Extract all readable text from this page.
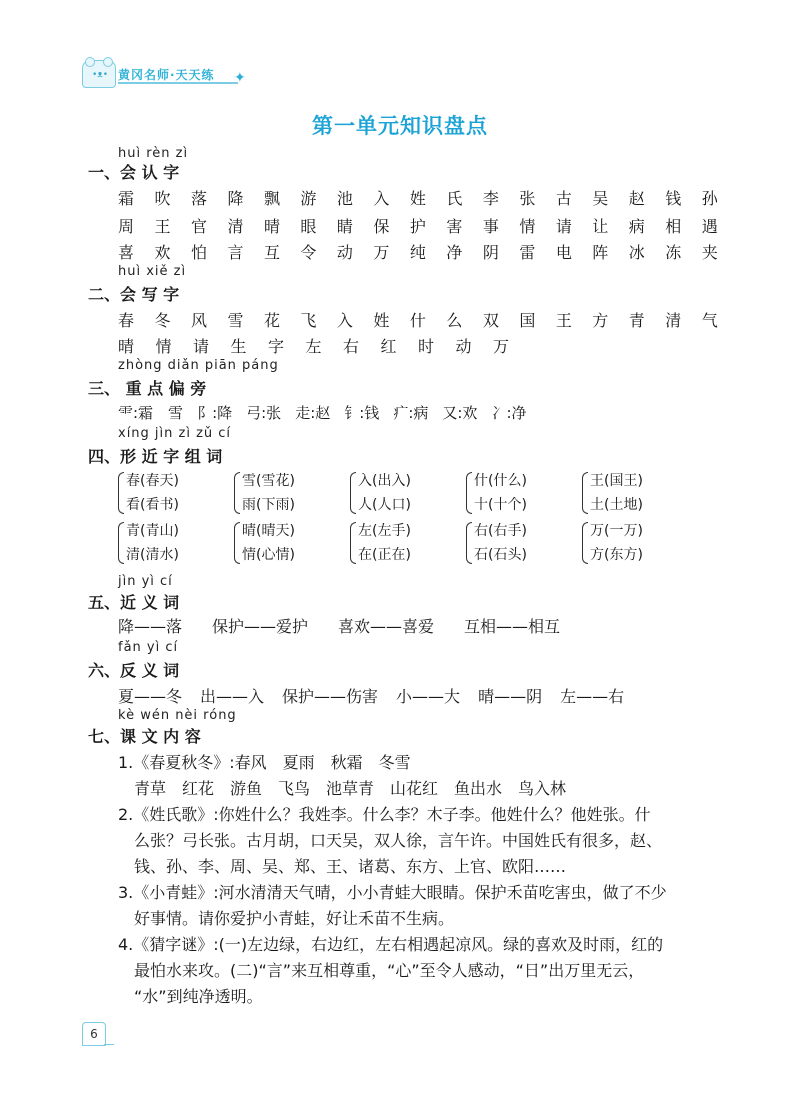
•ᴥ• 黄冈名师·天天练 ✦
第一单元知识盘点
huì rèn zì
一、会 认 字
霜 吹 落 降 飘 游 池 入 姓 氏 李 张 古 吴 赵 钱 孙
周 王 官 清 晴 眼 睛 保 护 害 事 情 请 让 病 相 遇
喜 欢 怕 言 互 令 动 万 纯 净 阴 雷 电 阵 冰 冻 夹
huì xiě zì
二、会 写 字
春 冬 风 雪 花 飞 入 姓 什 么 双 国 王 方 青 清 气
晴 情 请 生 字 左 右 红 时 动 万
zhòng diǎn piān páng
三、 重 点 偏 旁
⻗:霜　雪 阝:降 弓:张 走:赵 钅:钱 疒:病 又:欢 冫:净
xíng jìn zì zǔ cí
四、形 近 字 组 词
春(春天)
看(看书)
雪(雪花)
雨(下雨)
入(出入)
人(人口)
什(什么)
十(十个)
王(国王)
土(土地)
青(青山)
清(清水)
晴(晴天)
情(心情)
左(左手)
在(正在)
右(右手)
石(石头)
万(一万)
方(东方)
jìn yì cí
五、近 义 词
降——落 保护——爱护 喜欢——喜爱 互相——相互
fǎn yì cí
六、反 义 词
夏——冬 出——入 保护——伤害 小——大 晴——阴 左——右
kè wén nèi róng
七、课 文 内 容
1.《春夏秋冬》:春风　夏雨　秋霜　冬雪
青草　红花　游鱼　飞鸟　池草青　山花红　鱼出水　鸟入林
2.《姓氏歌》:你姓什么？我姓李。什么李？木子李。他姓什么？他姓张。什
么张？弓长张。古月胡，口天吴，双人徐，言午许。中国姓氏有很多，赵、
钱、孙、李、周、吴、郑、王、诸葛、东方、上官、欧阳……
3.《小青蛙》:河水清清天气晴，小小青蛙大眼睛。保护禾苗吃害虫，做了不少
好事情。请你爱护小青蛙，好让禾苗不生病。
4.《猜字谜》:(一)左边绿，右边红，左右相遇起凉风。绿的喜欢及时雨，红的
最怕水来攻。(二)“言”来互相尊重，“心”至令人感动，“日”出万里无云，
“水”到纯净透明。
6
